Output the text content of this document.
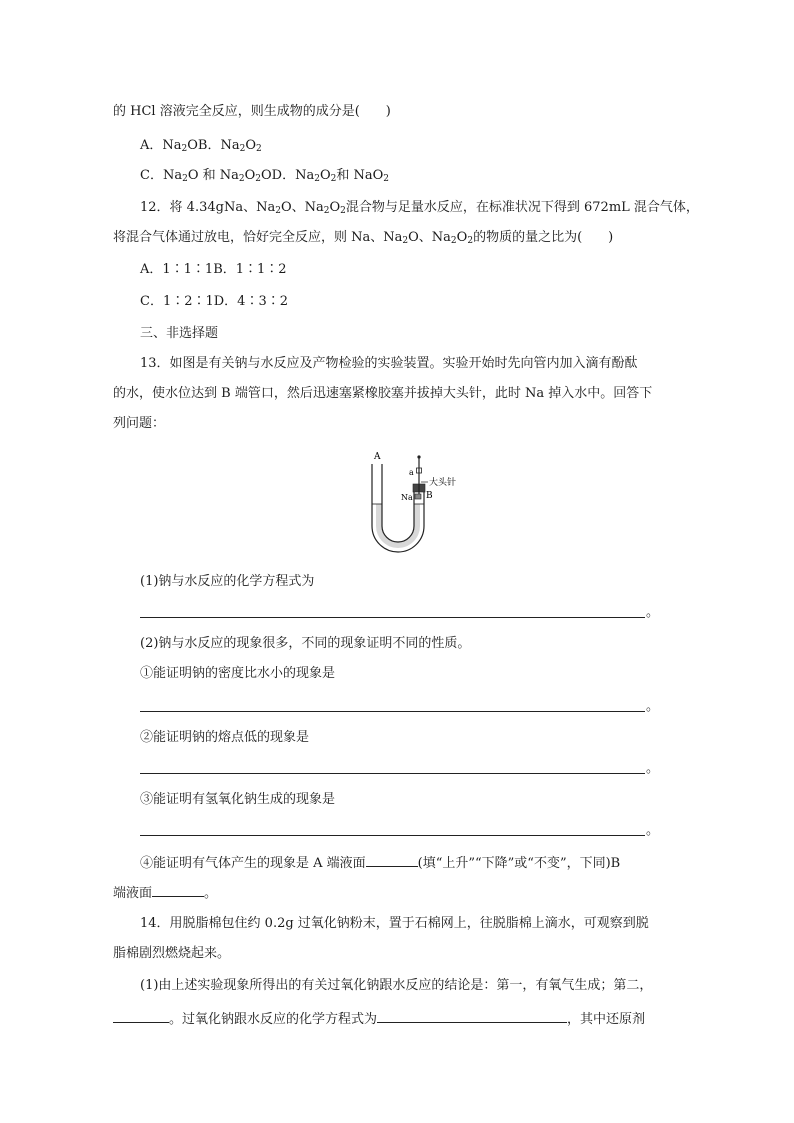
的 HCl 溶液完全反应，则生成物的成分是(　　)
A．$Na_2OB$．$Na_2O_2$
C．$Na_2O$ 和 $Na_2O_2OD$．$Na_2O_2$和 NaO$_2$
12．将 4.34gNa、$Na_2O$、$Na_2O_2$混合物与足量水反应，在标准状况下得到 672mL 混合气体，
将混合气体通过放电，恰好完全反应，则 Na、$Na_2O$、$Na_2O_2$的物质的量之比为(　　)
A．1∶1∶1B．1∶1∶2
C．1∶2∶1D．4∶3∶2
三、非选择题
13．如图是有关钠与水反应及产物检验的实验装置。实验开始时先向管内加入滴有酚酞
的水，使水位达到 B 端管口，然后迅速塞紧橡胶塞并拔掉大头针，此时 Na 掉入水中。回答下
列问题：
A
a
大头针
Na B
(1)钠与水反应的化学方程式为
。
(2)钠与水反应的现象很多，不同的现象证明不同的性质。
①能证明钠的密度比水小的现象是
。
②能证明钠的熔点低的现象是
。
③能证明有氢氧化钠生成的现象是
。
④能证明有气体产生的现象是 A 端液面	(填“上升”“下降”或“不变”，下同)B
端液面	。
14．用脱脂棉包住约 0.2g 过氧化钠粉末，置于石棉网上，往脱脂棉上滴水，可观察到脱
脂棉剧烈燃烧起来。
(1)由上述实验现象所得出的有关过氧化钠跟水反应的结论是：第一，有氧气生成；第二，
。过氧化钠跟水反应的化学方程式为	，其中还原剂
